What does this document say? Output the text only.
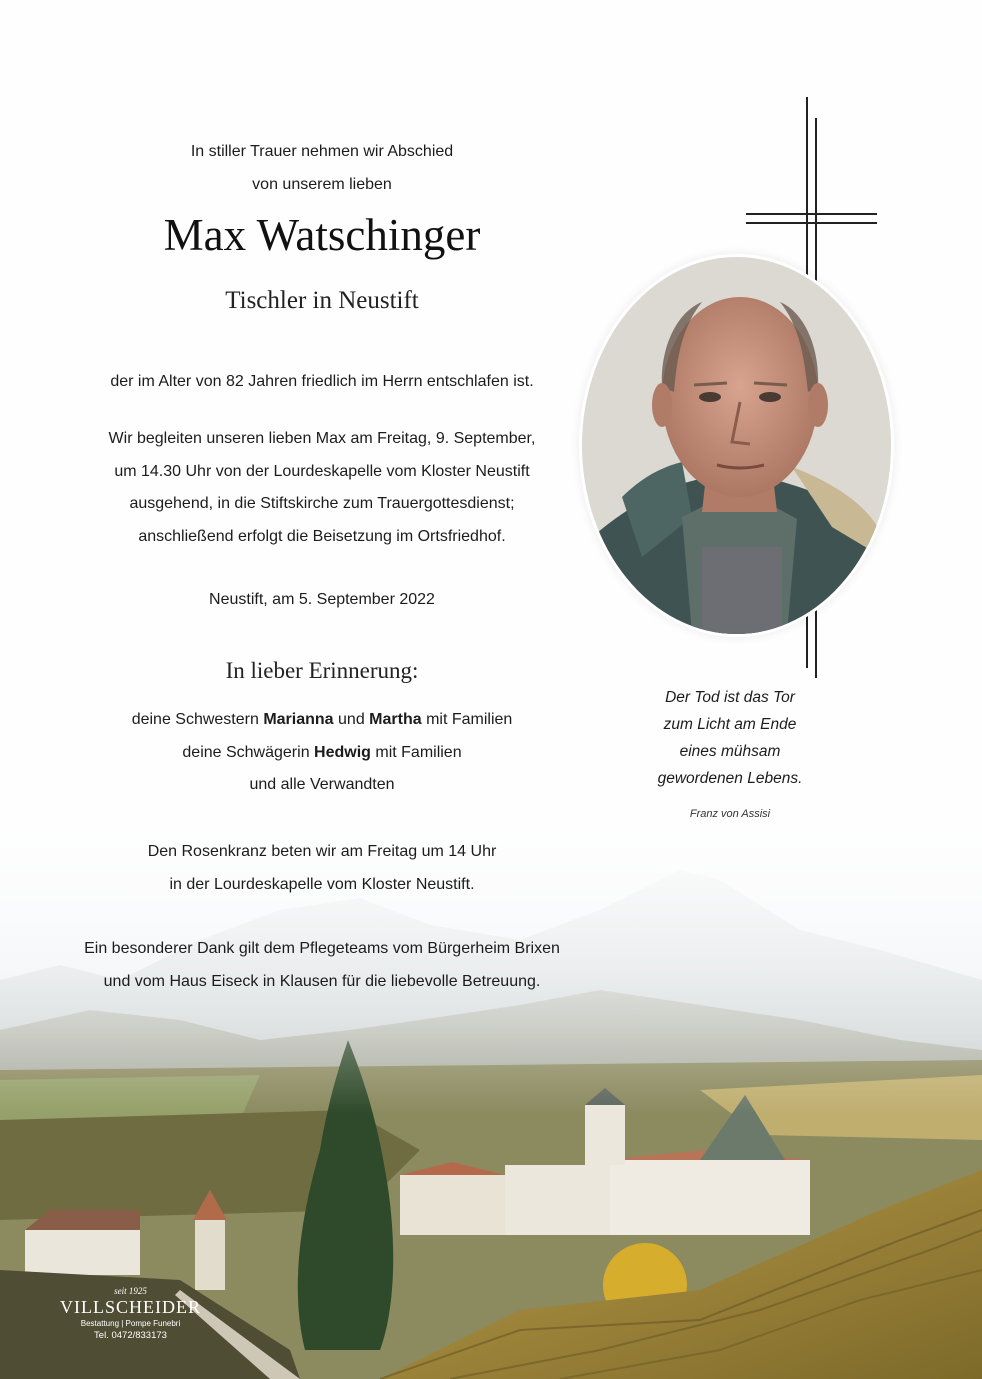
In stiller Trauer nehmen wir Abschied
von unserem lieben
Max Watschinger
Tischler in Neustift
der im Alter von 82 Jahren friedlich im Herrn entschlafen ist.
Wir begleiten unseren lieben Max am Freitag, 9. September,
um 14.30 Uhr von der Lourdeskapelle vom Kloster Neustift
ausgehend, in die Stiftskirche zum Trauergottesdienst;
anschließend erfolgt die Beisetzung im Ortsfriedhof.
Neustift, am 5. September 2022
In lieber Erinnerung:
deine Schwestern Marianna und Martha mit Familien
deine Schwägerin Hedwig mit Familien
und alle Verwandten
Den Rosenkranz beten wir am Freitag um 14 Uhr
in der Lourdeskapelle vom Kloster Neustift.
Ein besonderer Dank gilt dem Pflegeteams vom Bürgerheim Brixen
und vom Haus Eiseck in Klausen für die liebevolle Betreuung.
Der Tod ist das Tor
zum Licht am Ende
eines mühsam
gewordenen Lebens.
Franz von Assisi
seit 1925
VILLSCHEIDER
Bestattung | Pompe Funebri
Tel. 0472/833173
